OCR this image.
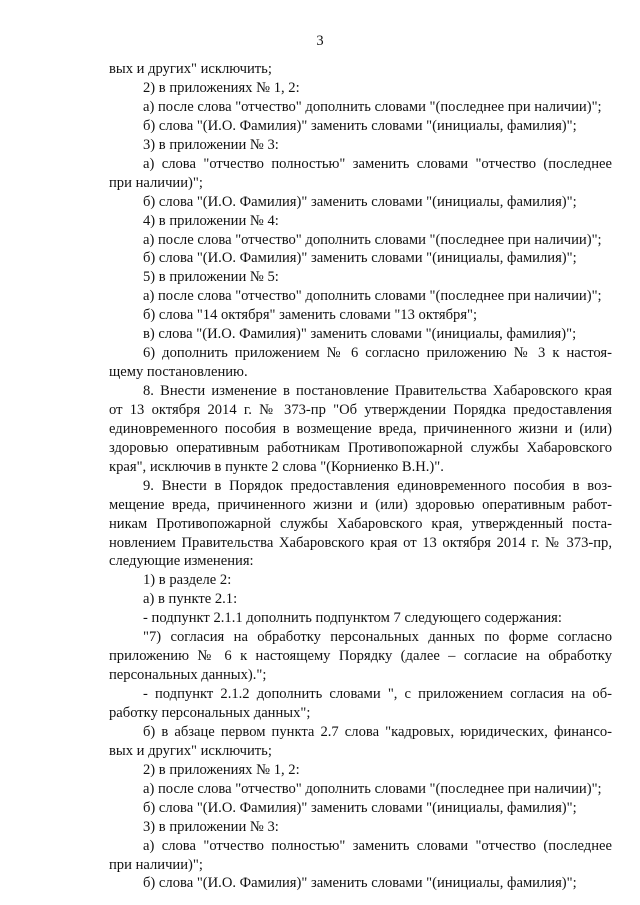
3
вых и других" исключить;
2) в приложениях № 1, 2:
а) после слова "отчество" дополнить словами "(последнее при наличии)";
б) слова "(И.О. Фамилия)" заменить словами "(инициалы, фамилия)";
3) в приложении № 3:
а) слова "отчество полностью" заменить словами "отчество (последнее
при наличии)";
б) слова "(И.О. Фамилия)" заменить словами "(инициалы, фамилия)";
4) в приложении № 4:
а) после слова "отчество" дополнить словами "(последнее при наличии)";
б) слова "(И.О. Фамилия)" заменить словами "(инициалы, фамилия)";
5) в приложении № 5:
а) после слова "отчество" дополнить словами "(последнее при наличии)";
б) слова "14 октября" заменить словами "13 октября";
в) слова "(И.О. Фамилия)" заменить словами "(инициалы, фамилия)";
6) дополнить приложением № 6 согласно приложению № 3 к настоя-
щему постановлению.
8. Внести изменение в постановление Правительства Хабаровского края
от 13 октября 2014 г. № 373-пр "Об утверждении Порядка предоставления
единовременного пособия в возмещение вреда, причиненного жизни и (или)
здоровью оперативным работникам Противопожарной службы Хабаровского
края", исключив в пункте 2 слова "(Корниенко В.Н.)".
9. Внести в Порядок предоставления единовременного пособия в воз-
мещение вреда, причиненного жизни и (или) здоровью оперативным работ-
никам Противопожарной службы Хабаровского края, утвержденный поста-
новлением Правительства Хабаровского края от 13 октября 2014 г. № 373-пр,
следующие изменения:
1) в разделе 2:
а) в пункте 2.1:
- подпункт 2.1.1 дополнить подпунктом 7 следующего содержания:
"7) согласия на обработку персональных данных по форме согласно
приложению № 6 к настоящему Порядку (далее – согласие на обработку
персональных данных).";
- подпункт 2.1.2 дополнить словами ", с приложением согласия на об-
работку персональных данных";
б) в абзаце первом пункта 2.7 слова "кадровых, юридических, финансо-
вых и других" исключить;
2) в приложениях № 1, 2:
а) после слова "отчество" дополнить словами "(последнее при наличии)";
б) слова "(И.О. Фамилия)" заменить словами "(инициалы, фамилия)";
3) в приложении № 3:
а) слова "отчество полностью" заменить словами "отчество (последнее
при наличии)";
б) слова "(И.О. Фамилия)" заменить словами "(инициалы, фамилия)";
